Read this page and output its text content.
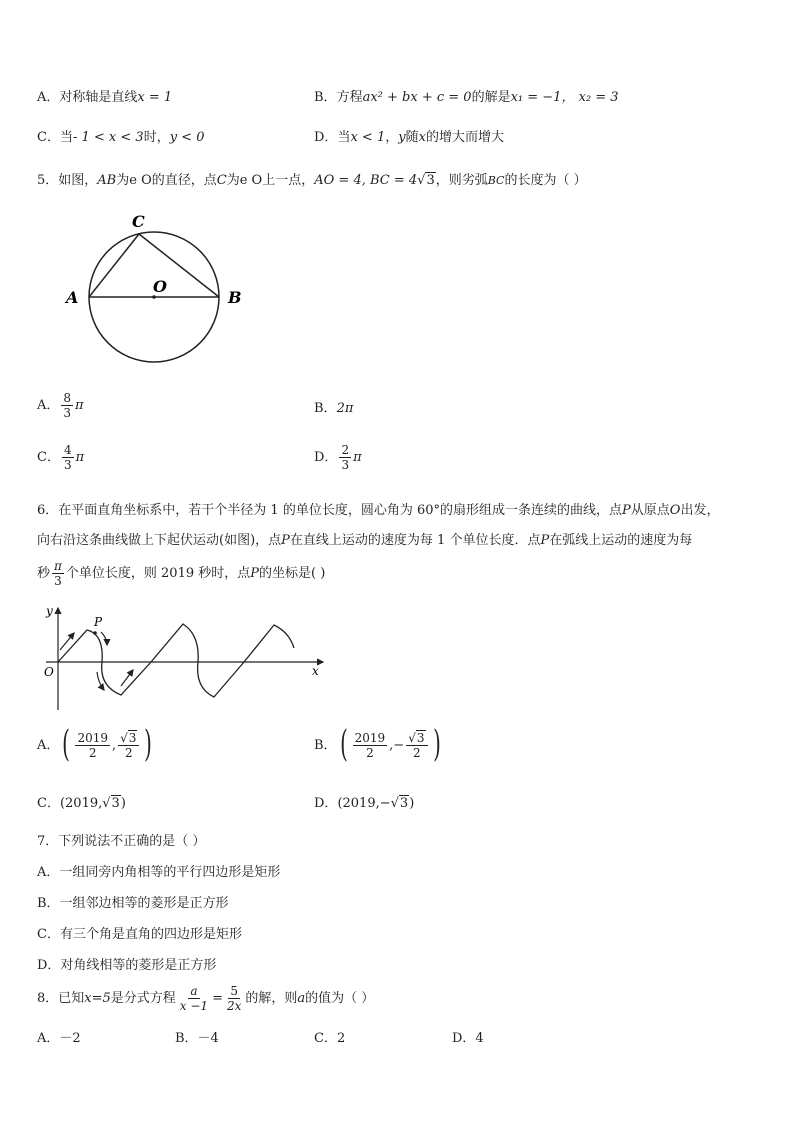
A．对称轴是直线x = 1	B．方程ax² + bx + c = 0的解是x₁ = −1， x₂ = 3
C．当- 1 < x < 3时，y < 0	D．当x < 1，y随x的增大而增大
5．如图，AB为e O的直径，点C为e O上一点，AO = 4, BC = 4√3，则劣弧BC的长度为（ ）
A	B
C
O
A． $\frac{8}{3}$ π	B．2π
C． $\frac{4}{3}$ π	D． $\frac{2}{3}$ π
6．在平面直角坐标系中，若干个半径为 1 的单位长度，圆心角为 60°的扇形组成一条连续的曲线，点P从原点O出发，
向右沿这条曲线做上下起伏运动(如图)，点P在直线上运动的速度为每 1 个单位长度．点P在弧线上运动的速度为每
秒 $\frac{\pi}{3}$ 个单位长度，则 2019 秒时，点P的坐标是( )
y
x
O
P
A． ( $\frac{2019}{2}$ , $\frac{√3}{2}$ )	B． ( $\frac{2019}{2}$ , − $\frac{√3}{2}$ )
C．(2019,√3)	D．(2019,−√3)
7．下列说法不正确的是（ ）
A．一组同旁内角相等的平行四边形是矩形
B．一组邻边相等的菱形是正方形
C．有三个角是直角的四边形是矩形
D．对角线相等的菱形是正方形
8．已知x=5是分式方程 $\frac{a}{x -1} = \frac{5}{2x}$ 的解，则a的值为（ ）
A．－2	B．－4	C．2	D．4
